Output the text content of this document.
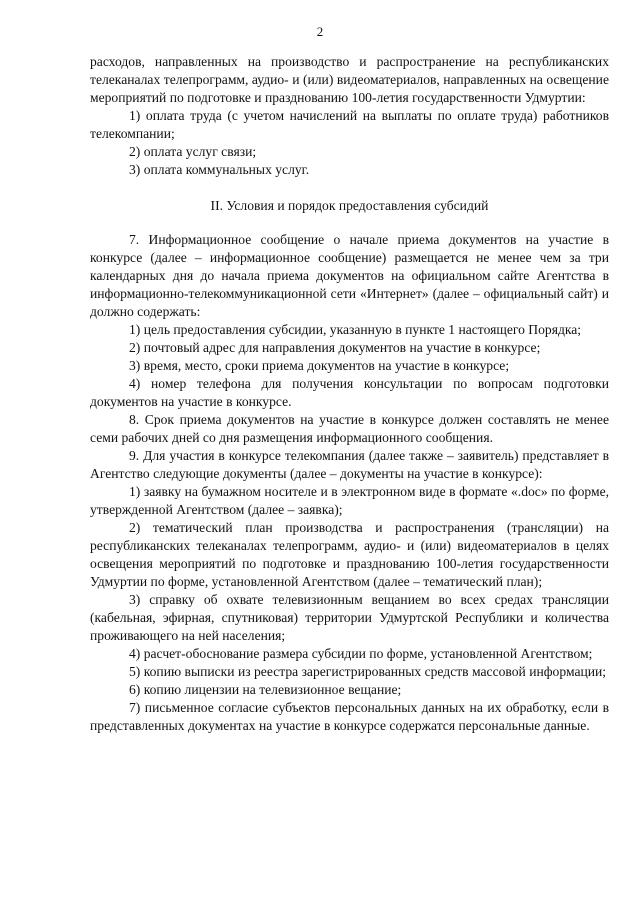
2

расходов, направленных на производство и распространение на республиканских телеканалах телепрограмм, аудио- и (или) видеоматериалов, направленных на освещение мероприятий по подготовке и празднованию 100-летия государственности Удмуртии:

1) оплата труда (с учетом начислений на выплаты по оплате труда) работников телекомпании;

2) оплата услуг связи;

3) оплата коммунальных услуг.

II. Условия и порядок предоставления субсидий

7. Информационное сообщение о начале приема документов на участие в конкурсе (далее – информационное сообщение) размещается не менее чем за три календарных дня до начала приема документов на официальном сайте Агентства в информационно-телекоммуникационной сети «Интернет» (далее – официальный сайт) и должно содержать:

1) цель предоставления субсидии, указанную в пункте 1 настоящего Порядка;

2) почтовый адрес для направления документов на участие в конкурсе;

3) время, место, сроки приема документов на участие в конкурсе;

4) номер телефона для получения консультации по вопросам подготовки документов на участие в конкурсе.

8. Срок приема документов на участие в конкурсе должен составлять не менее семи рабочих дней со дня размещения информационного сообщения.

9. Для участия в конкурсе телекомпания (далее также – заявитель) представляет в Агентство следующие документы (далее – документы на участие в конкурсе):

1) заявку на бумажном носителе и в электронном виде в формате «.doc» по форме, утвержденной Агентством (далее – заявка);

2) тематический план производства и распространения (трансляции) на республиканских телеканалах телепрограмм, аудио- и (или) видеоматериалов в целях освещения мероприятий по подготовке и празднованию 100-летия государственности Удмуртии по форме, установленной Агентством (далее – тематический план);

3) справку об охвате телевизионным вещанием во всех средах трансляции (кабельная, эфирная, спутниковая) территории Удмуртской Республики и количества проживающего на ней населения;

4) расчет-обоснование размера субсидии по форме, установленной Агентством;

5) копию выписки из реестра зарегистрированных средств массовой информации;

6) копию лицензии на телевизионное вещание;

7) письменное согласие субъектов персональных данных на их обработку, если в представленных документах на участие в конкурсе содержатся персональные данные.
